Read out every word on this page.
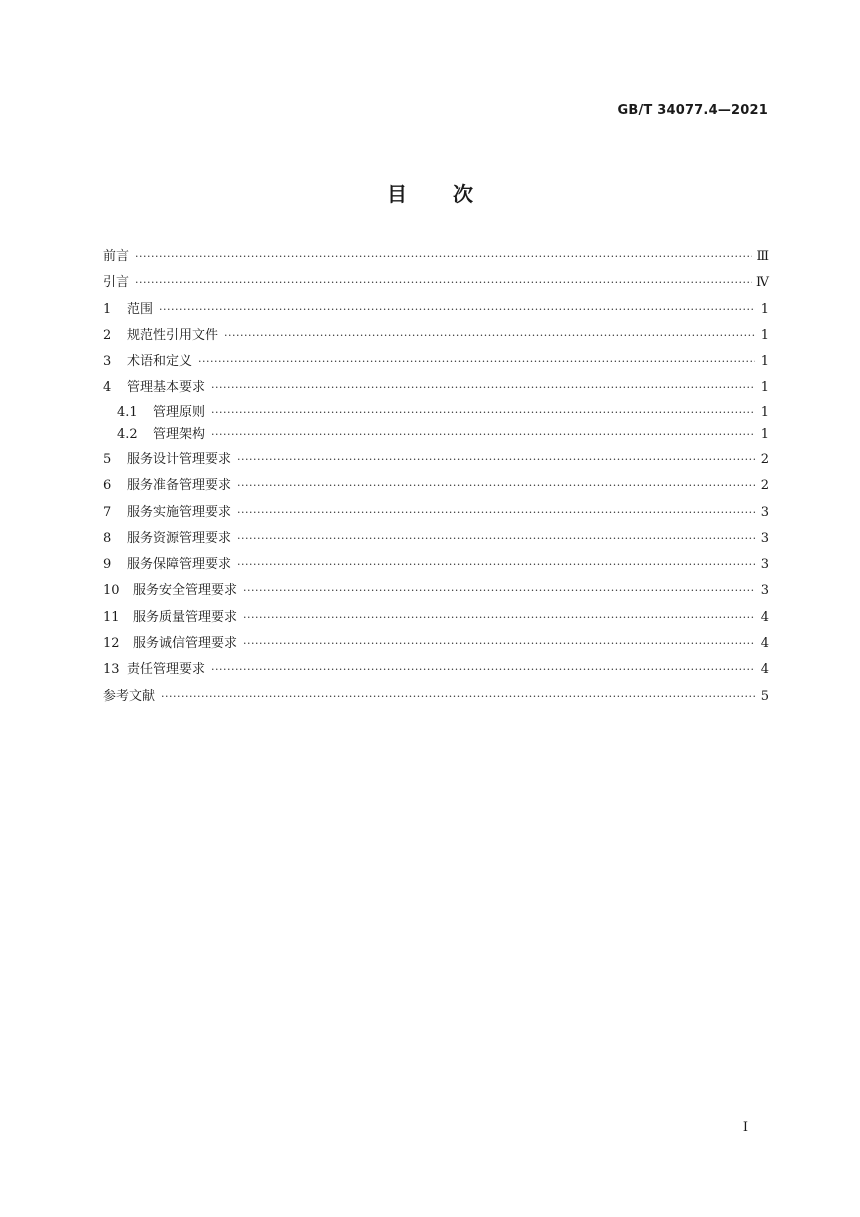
GB/T 34077.4—2021
目 次
前言 ·····	Ⅲ
引言 ·····	Ⅳ
1	范围 ·····	1
2	规范性引用文件 ·····	1
3	术语和定义 ·····	1
4	管理基本要求 ·····	1
4.1	管理原则 ·····	1
4.2	管理架构 ·····	1
5	服务设计管理要求 ·····	2
6	服务准备管理要求 ·····	2
7	服务实施管理要求 ·····	3
8	服务资源管理要求 ·····	3
9	服务保障管理要求 ·····	3
10	服务安全管理要求 ·····	3
11	服务质量管理要求 ·····	4
12	服务诚信管理要求 ·····	4
13 责任管理要求 ·····	4
参考文献 ·····	5
I
